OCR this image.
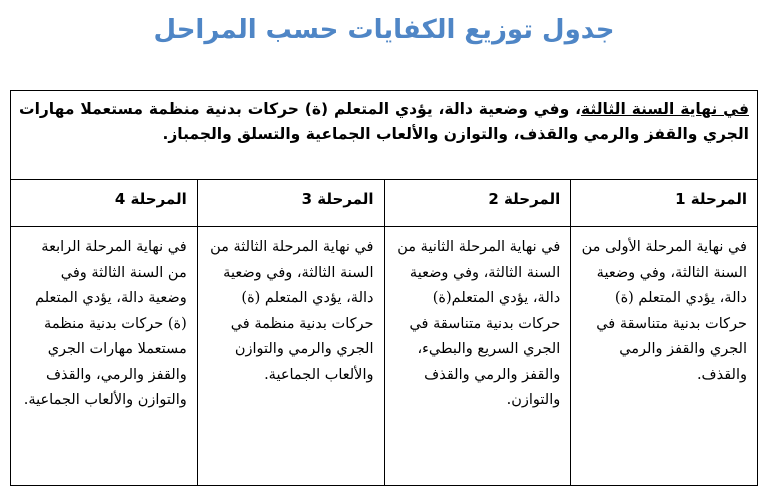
جدول توزيع الكفايات حسب المراحل
في نهاية السنة الثالثة، وفي وضعية دالة، يؤدي المتعلم (ة) حركات بدنية منظمة مستعملا مهارات الجري والقفز والرمي والقذف، والتوازن والألعاب الجماعية والتسلق والجمباز.			
المرحلة 1	المرحلة 2	المرحلة 3	المرحلة 4
في نهاية المرحلة الأولى من السنة الثالثة، وفي وضعية دالة، يؤدي المتعلم (ة) حركات بدنية متناسقة في الجري والقفز والرمي والقذف.	في نهاية المرحلة الثانية من السنة الثالثة، وفي وضعية دالة، يؤدي المتعلم(ة) حركات بدنية متناسقة في الجري السريع والبطيء، والقفز والرمي والقذف والتوازن.	في نهاية المرحلة الثالثة من السنة الثالثة، وفي وضعية دالة، يؤدي المتعلم (ة) حركات بدنية منظمة في الجري والرمي والتوازن والألعاب الجماعية.	في نهاية المرحلة الرابعة من السنة الثالثة وفي وضعية دالة، يؤدي المتعلم (ة) حركات بدنية منظمة مستعملا مهارات الجري والقفز والرمي، والقذف والتوازن والألعاب الجماعية.
